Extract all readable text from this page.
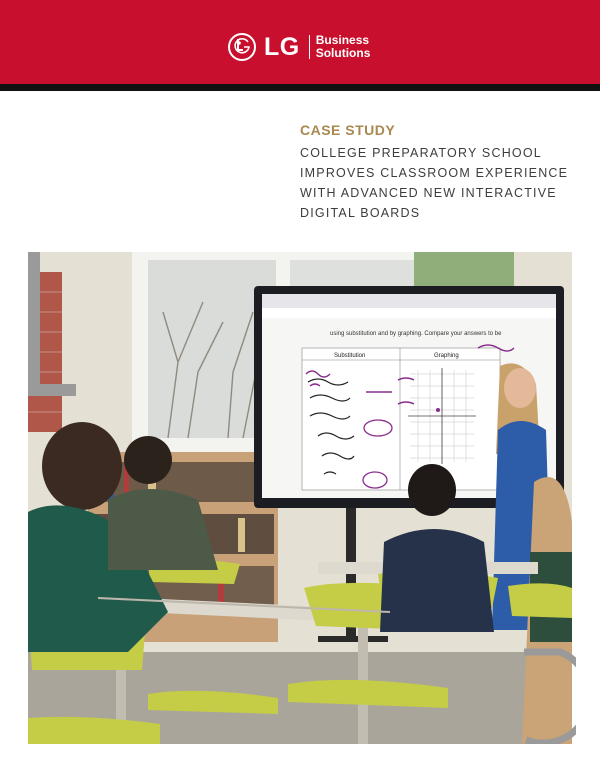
LG Business
Solutions
CASE STUDY
COLLEGE PREPARATORY SCHOOL
IMPROVES CLASSROOM EXPERIENCE
WITH ADVANCED NEW INTERACTIVE
DIGITAL BOARDS
using substitution and by graphing. Compare your answers to be
Substitution	Graphing
